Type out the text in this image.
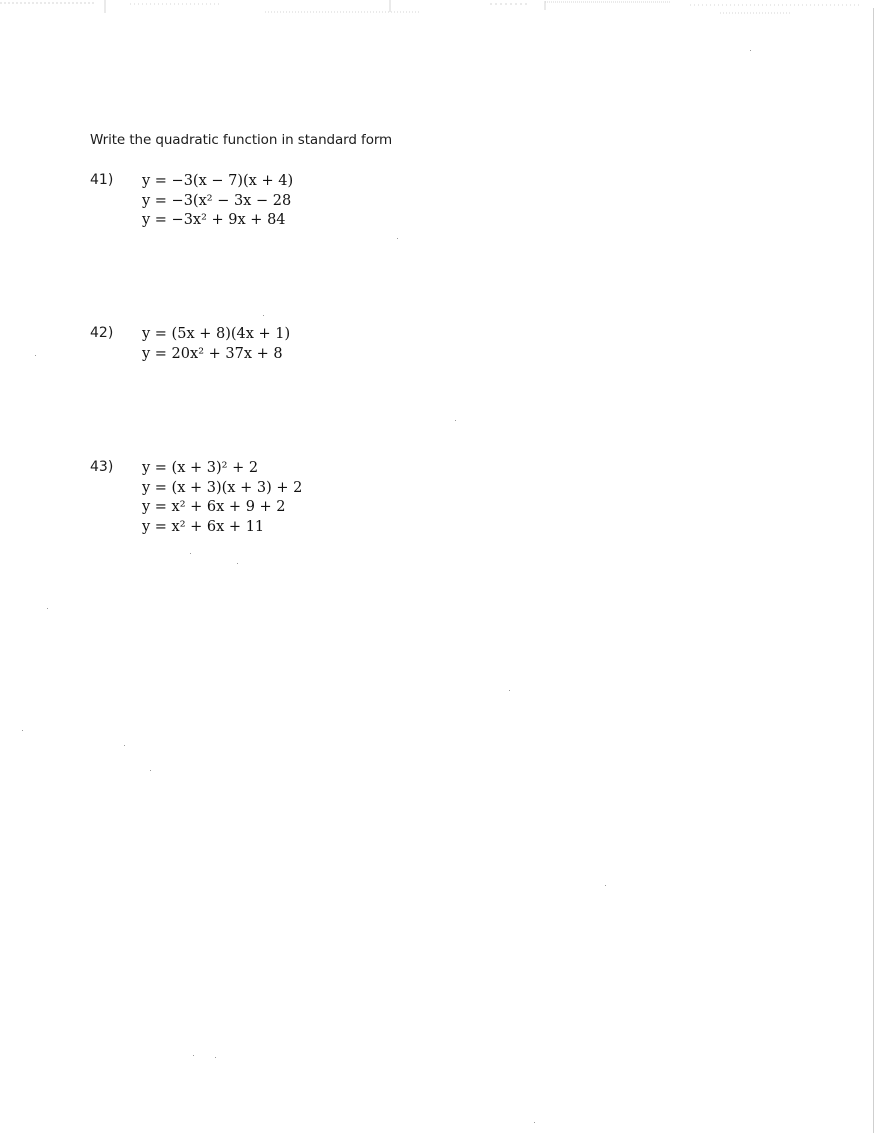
Write the quadratic function in standard form
41) y = −3(x − 7)(x + 4)
y = −3(x² − 3x − 28
y = −3x² + 9x + 84
42) y = (5x + 8)(4x + 1)
y = 20x² + 37x + 8
43) y = (x + 3)² + 2
y = (x + 3)(x + 3) + 2
y = x² + 6x + 9 + 2
y = x² + 6x + 11
